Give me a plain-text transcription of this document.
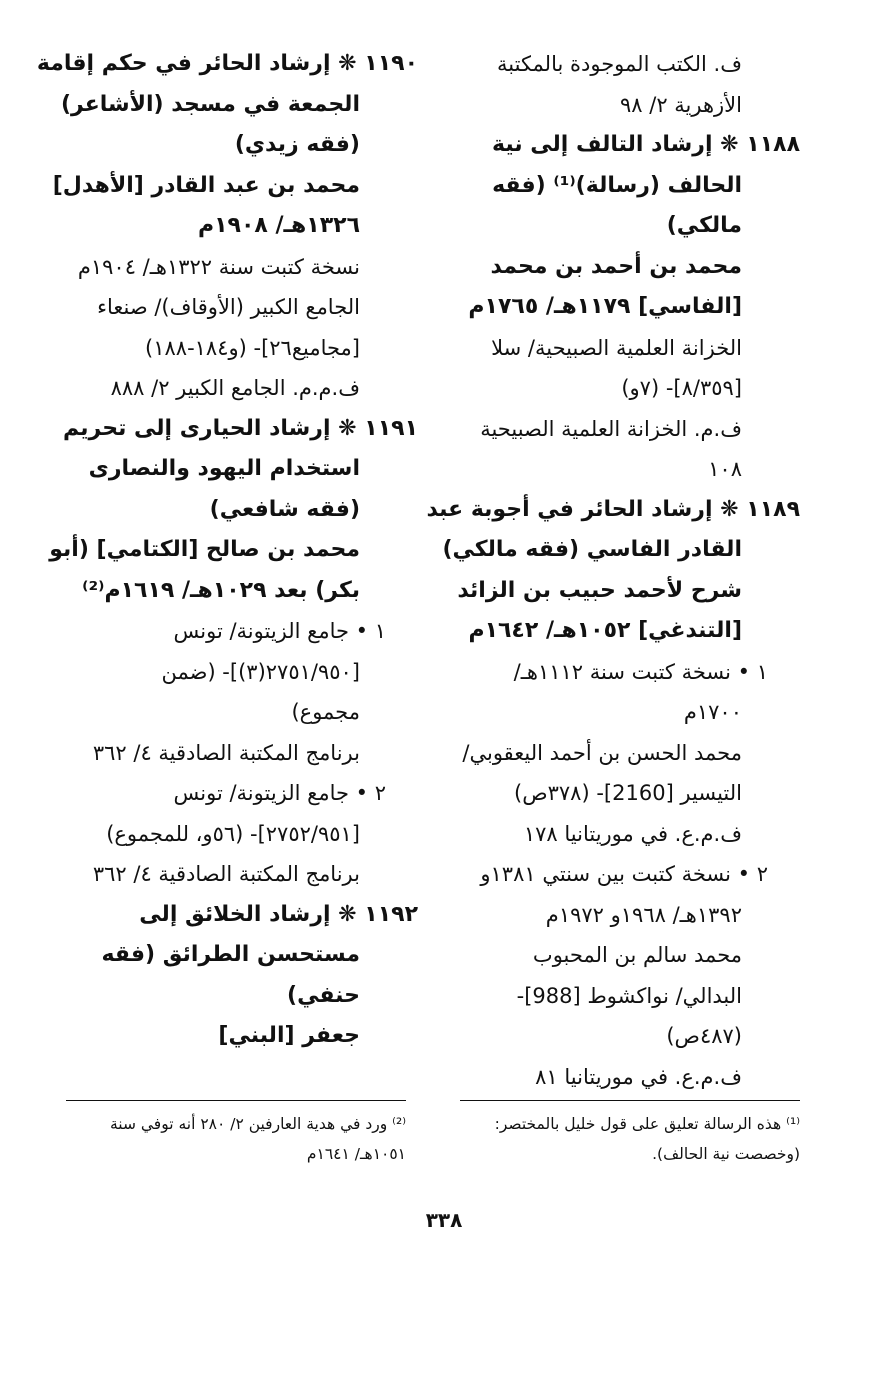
ف. الكتب الموجودة بالمكتبة
الأزهرية ٢/ ٩٨
١١٨٨ ❋ إرشاد التالف إلى نية
الحالف (رسالة)⁽¹⁾ (فقه
مالكي)
محمد بن أحمد بن محمد
[الفاسي] ١١٧٩هـ/ ١٧٦٥م
الخزانة العلمية الصبيحية/ سلا
[٨/٣٥٩]- (٧و)
ف.م. الخزانة العلمية الصبيحية
١٠٨
١١٨٩ ❋ إرشاد الحائر في أجوبة عبد
القادر الفاسي (فقه مالكي)
شرح لأحمد حبيب بن الزائد
[التندغي] ١٠٥٢هـ/ ١٦٤٢م
١ • نسخة كتبت سنة ١١١٢هـ/
١٧٠٠م
محمد الحسن بن أحمد اليعقوبي/
التيسير [2160]- (٣٧٨ص)
ف.م.ع. في موريتانيا ١٧٨
٢ • نسخة كتبت بين سنتي ١٣٨١و
١٣٩٢هـ/ ١٩٦٨و ١٩٧٢م
محمد سالم بن المحبوب
البدالي/ نواكشوط [988]-
(٤٨٧ص)
ف.م.ع. في موريتانيا ٨١
١١٩٠ ❋ إرشاد الحائر في حكم إقامة
الجمعة في مسجد (الأشاعر)
(فقه زيدي)
محمد بن عبد القادر [الأهدل]
١٣٢٦هـ/ ١٩٠٨م
نسخة كتبت سنة ١٣٢٢هـ/ ١٩٠٤م
الجامع الكبير (الأوقاف)/ صنعاء
[مجاميع٢٦]- (و١٨٤-١٨٨)
ف.م.م. الجامع الكبير ٢/ ٨٨٨
١١٩١ ❋ إرشاد الحيارى إلى تحريم
استخدام اليهود والنصارى
(فقه شافعي)
محمد بن صالح [الكتامي] (أبو
بكر) بعد ١٠٢٩هـ/ ١٦١٩م⁽²⁾
١ • جامع الزيتونة/ تونس
[٢٧٥١/٩٥٠(٣)]- (ضمن
مجموع)
برنامج المكتبة الصادقية ٤/ ٣٦٢
٢ • جامع الزيتونة/ تونس
[٢٧٥٢/٩٥١]- (٥٦و، للمجموع)
برنامج المكتبة الصادقية ٤/ ٣٦٢
١١٩٢ ❋ إرشاد الخلائق إلى
مستحسن الطرائق (فقه
حنفي)
جعفر [البني]
⁽¹⁾ هذه الرسالة تعليق على قول خليل بالمختصر:
(وخصصت نية الحالف).
⁽²⁾ ورد في هدية العارفين ٢/ ٢٨٠ أنه توفي سنة
١٠٥١هـ/ ١٦٤١م
٣٣٨
